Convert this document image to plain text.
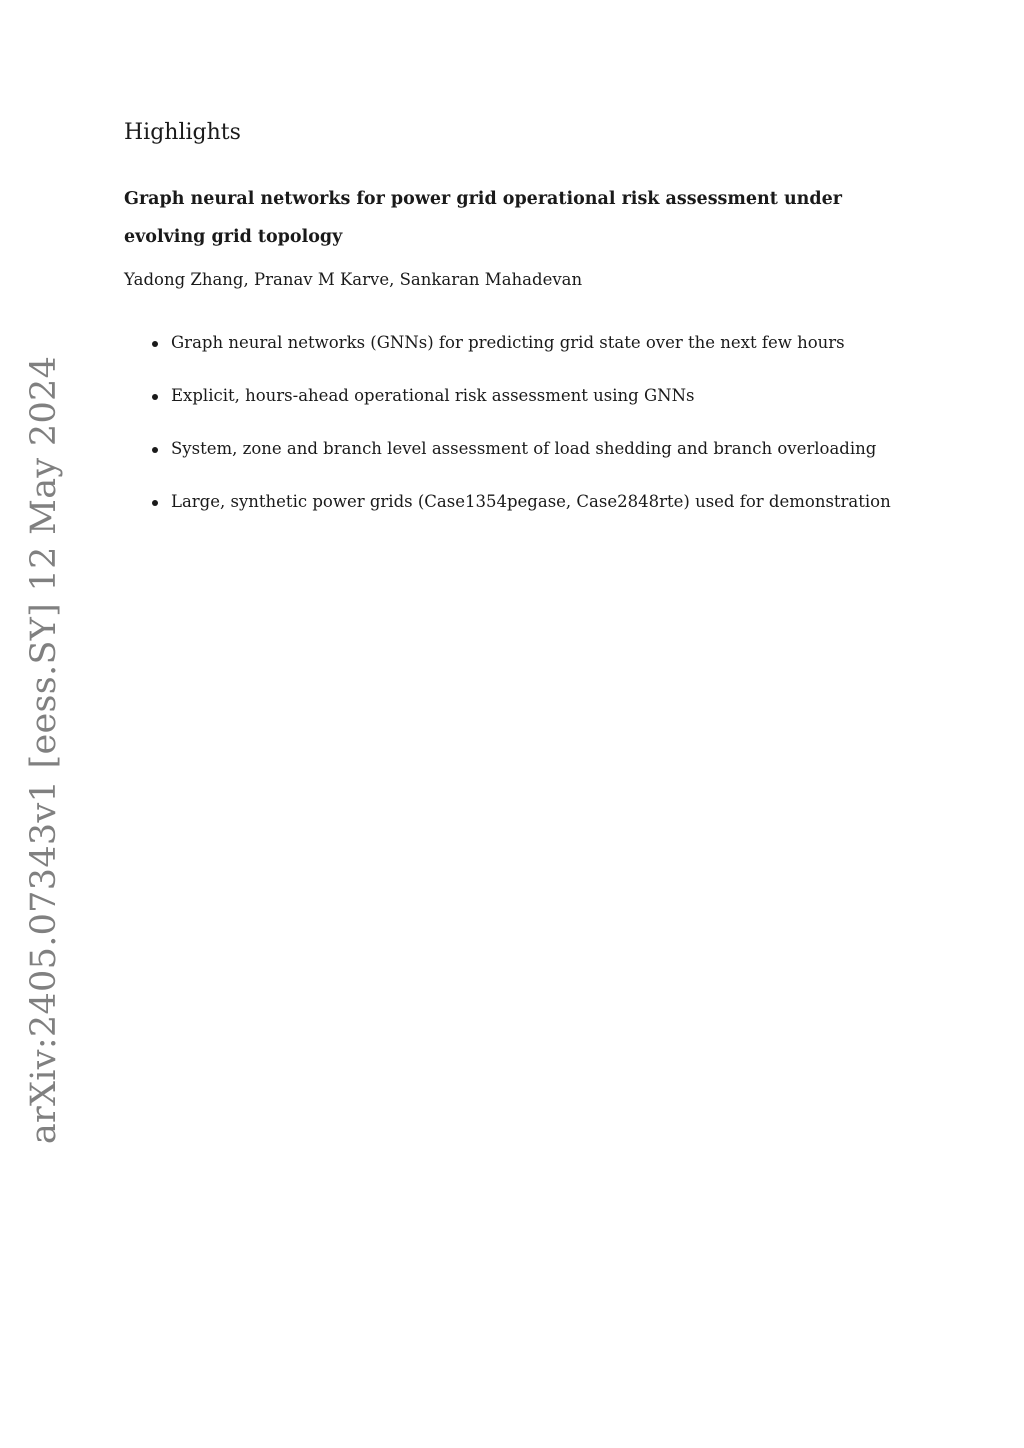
arXiv:2405.07343v1 [eess.SY] 12 May 2024
Highlights
Graph neural networks for power grid operational risk assessment under evolving grid topology

Yadong Zhang, Pranav M Karve, Sankaran Mahadevan

Graph neural networks (GNNs) for predicting grid state over the next few hours
Explicit, hours-ahead operational risk assessment using GNNs
System, zone and branch level assessment of load shedding and branch overloading
Large, synthetic power grids (Case1354pegase, Case2848rte) used for demonstration
